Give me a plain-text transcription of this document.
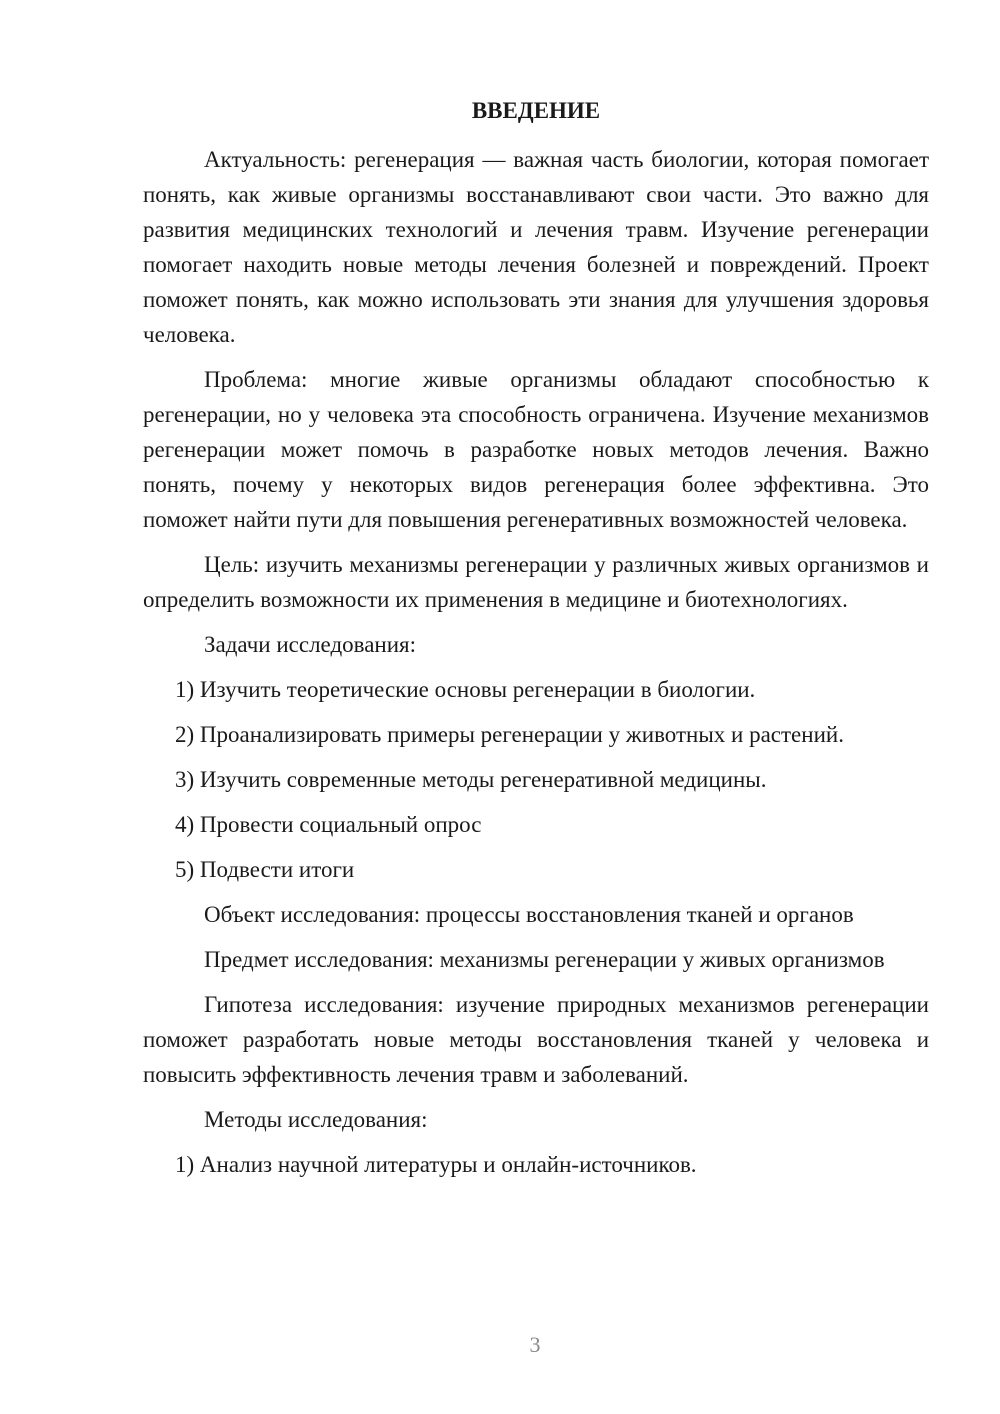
ВВЕДЕНИЕ

Актуальность: регенерация — важная часть биологии, которая помогает понять, как живые организмы восстанавливают свои части. Это важно для развития медицинских технологий и лечения травм. Изучение регенерации помогает находить новые методы лечения болезней и повреждений. Проект поможет понять, как можно использовать эти знания для улучшения здоровья человека.

Проблема: многие живые организмы обладают способностью к регенерации, но у человека эта способность ограничена. Изучение механизмов регенерации может помочь в разработке новых методов лечения. Важно понять, почему у некоторых видов регенерация более эффективна. Это поможет найти пути для повышения регенеративных возможностей человека.

Цель: изучить механизмы регенерации у различных живых организмов и определить возможности их применения в медицине и биотехнологиях.

Задачи исследования:

1) Изучить теоретические основы регенерации в биологии.

2) Проанализировать примеры регенерации у животных и растений.

3) Изучить современные методы регенеративной медицины.

4) Провести социальный опрос

5) Подвести итоги

Объект исследования: процессы восстановления тканей и органов

Предмет исследования: механизмы регенерации у живых организмов

Гипотеза исследования: изучение природных механизмов регенерации поможет разработать новые методы восстановления тканей у человека и повысить эффективность лечения травм и заболеваний.

Методы исследования:

1) Анализ научной литературы и онлайн-источников.

3
